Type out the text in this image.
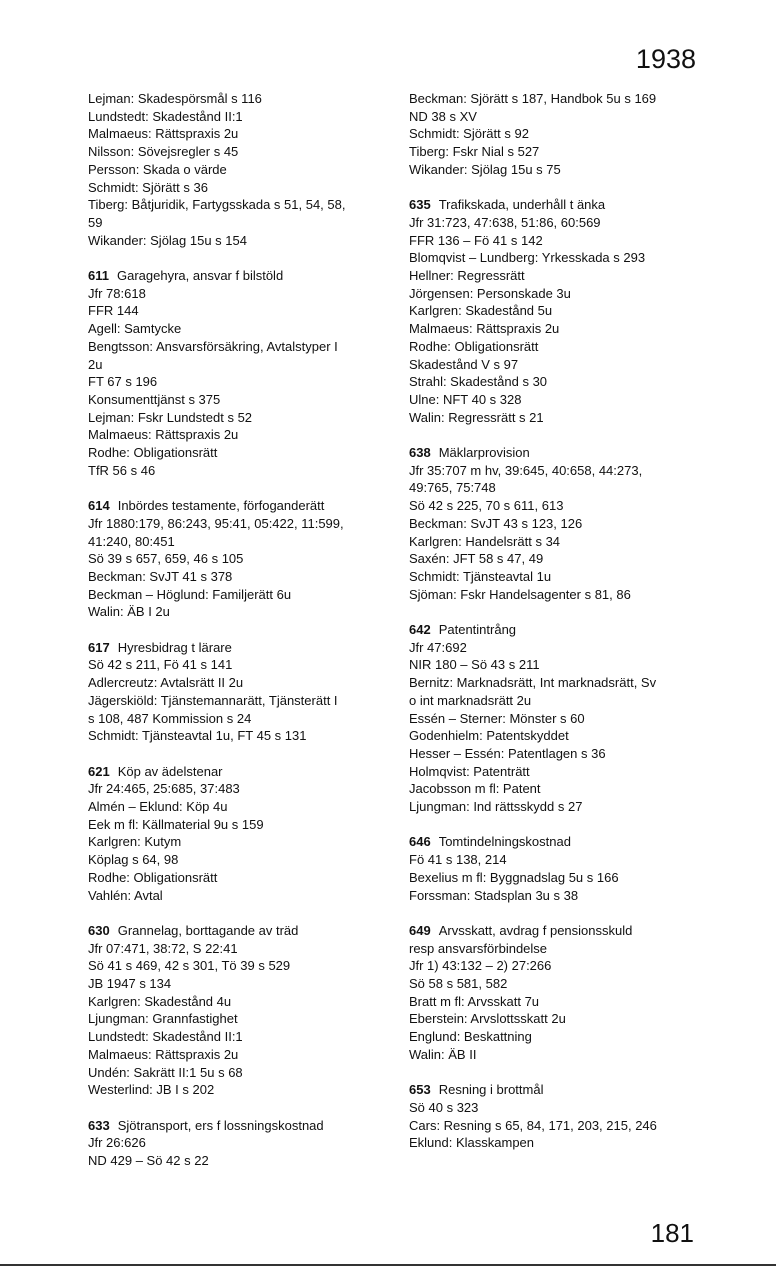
1938
Lejman: Skadespörsmål s 116
Lundstedt: Skadestånd II:1
Malmaeus: Rättspraxis 2u
Nilsson: Sövejsregler s 45
Persson: Skada o värde
Schmidt: Sjörätt s 36
Tiberg: Båtjuridik, Fartygsskada s 51, 54, 58,
59
Wikander: Sjölag 15u s 154
611 Garagehyra, ansvar f bilstöld
Jfr 78:618
FFR 144
Agell: Samtycke
Bengtsson: Ansvarsförsäkring, Avtalstyper I
2u
FT 67 s 196
Konsumenttjänst s 375
Lejman: Fskr Lundstedt s 52
Malmaeus: Rättspraxis 2u
Rodhe: Obligationsrätt
TfR 56 s 46
614 Inbördes testamente, förfoganderätt
Jfr 1880:179, 86:243, 95:41, 05:422, 11:599,
41:240, 80:451
Sö 39 s 657, 659, 46 s 105
Beckman: SvJT 41 s 378
Beckman – Höglund: Familjerätt 6u
Walin: ÄB I 2u
617 Hyresbidrag t lärare
Sö 42 s 211, Fö 41 s 141
Adlercreutz: Avtalsrätt II 2u
Jägerskiöld: Tjänstemannarätt, Tjänsterätt I
s 108, 487 Kommission s 24
Schmidt: Tjänsteavtal 1u, FT 45 s 131
621 Köp av ädelstenar
Jfr 24:465, 25:685, 37:483
Almén – Eklund: Köp 4u
Eek m fl: Källmaterial 9u s 159
Karlgren: Kutym
Köplag s 64, 98
Rodhe: Obligationsrätt
Vahlén: Avtal
630 Grannelag, borttagande av träd
Jfr 07:471, 38:72, S 22:41
Sö 41 s 469, 42 s 301, Tö 39 s 529
JB 1947 s 134
Karlgren: Skadestånd 4u
Ljungman: Grannfastighet
Lundstedt: Skadestånd II:1
Malmaeus: Rättspraxis 2u
Undén: Sakrätt II:1 5u s 68
Westerlind: JB I s 202
633 Sjötransport, ers f lossningskostnad
Jfr 26:626
ND 429 – Sö 42 s 22
Beckman: Sjörätt s 187, Handbok 5u s 169
ND 38 s XV
Schmidt: Sjörätt s 92
Tiberg: Fskr Nial s 527
Wikander: Sjölag 15u s 75
635 Trafikskada, underhåll t änka
Jfr 31:723, 47:638, 51:86, 60:569
FFR 136 – Fö 41 s 142
Blomqvist – Lundberg: Yrkesskada s 293
Hellner: Regressrätt
Jörgensen: Personskade 3u
Karlgren: Skadestånd 5u
Malmaeus: Rättspraxis 2u
Rodhe: Obligationsrätt
Skadestånd V s 97
Strahl: Skadestånd s 30
Ulne: NFT 40 s 328
Walin: Regressrätt s 21
638 Mäklarprovision
Jfr 35:707 m hv, 39:645, 40:658, 44:273,
49:765, 75:748
Sö 42 s 225, 70 s 611, 613
Beckman: SvJT 43 s 123, 126
Karlgren: Handelsrätt s 34
Saxén: JFT 58 s 47, 49
Schmidt: Tjänsteavtal 1u
Sjöman: Fskr Handelsagenter s 81, 86
642 Patentintrång
Jfr 47:692
NIR 180 – Sö 43 s 211
Bernitz: Marknadsrätt, Int marknadsrätt, Sv
o int marknadsrätt 2u
Essén – Sterner: Mönster s 60
Godenhielm: Patentskyddet
Hesser – Essén: Patentlagen s 36
Holmqvist: Patenträtt
Jacobsson m fl: Patent
Ljungman: Ind rättsskydd s 27
646 Tomtindelningskostnad
Fö 41 s 138, 214
Bexelius m fl: Byggnadslag 5u s 166
Forssman: Stadsplan 3u s 38
649 Arvsskatt, avdrag f pensionsskuld
resp ansvarsförbindelse
Jfr 1) 43:132 – 2) 27:266
Sö 58 s 581, 582
Bratt m fl: Arvsskatt 7u
Eberstein: Arvslottsskatt 2u
Englund: Beskattning
Walin: ÄB II
653 Resning i brottmål
Sö 40 s 323
Cars: Resning s 65, 84, 171, 203, 215, 246
Eklund: Klasskampen
181
